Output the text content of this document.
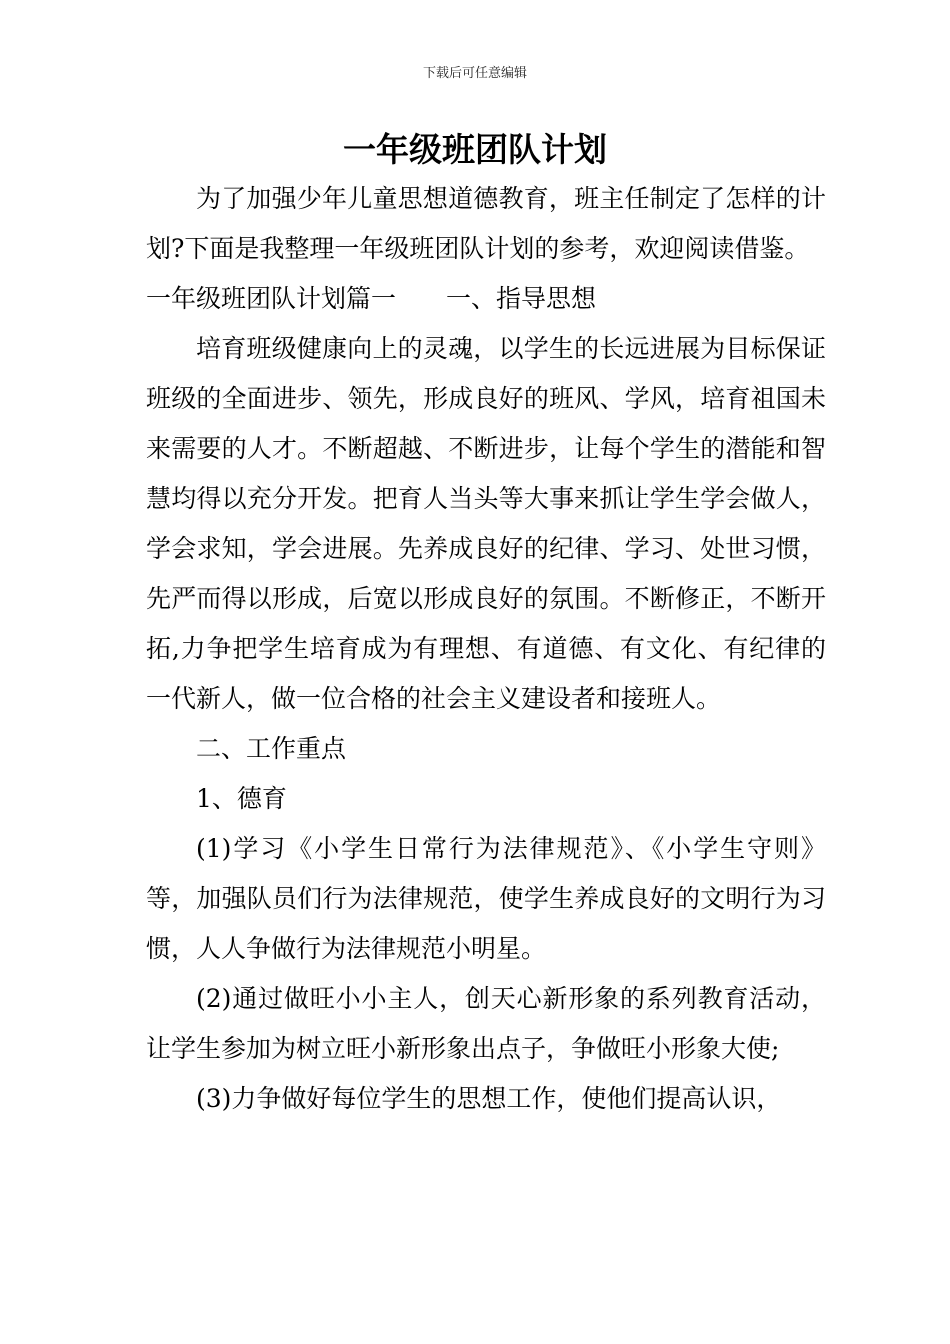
下载后可任意编辑
一年级班团队计划

为了加强少年儿童思想道德教育，班主任制定了怎样的计划?下面是我整理一年级班团队计划的参考，欢迎阅读借鉴。

一年级班团队计划篇一　　一、指导思想

培育班级健康向上的灵魂，以学生的长远进展为目标保证班级的全面进步、领先，形成良好的班风、学风，培育祖国未来需要的人才。不断超越、不断进步，让每个学生的潜能和智慧均得以充分开发。把育人当头等大事来抓让学生学会做人，学会求知，学会进展。先养成良好的纪律、学习、处世习惯，先严而得以形成，后宽以形成良好的氛围。不断修正，不断开拓,力争把学生培育成为有理想、有道德、有文化、有纪律的一代新人，做一位合格的社会主义建设者和接班人。

二、工作重点

1、德育

(1)学习《小学生日常行为法律规范》、《小学生守则》等，加强队员们行为法律规范，使学生养成良好的文明行为习惯，人人争做行为法律规范小明星。

(2)通过做旺小小主人，创天心新形象的系列教育活动，让学生参加为树立旺小新形象出点子，争做旺小形象大使;

(3)力争做好每位学生的思想工作，使他们提高认识，
